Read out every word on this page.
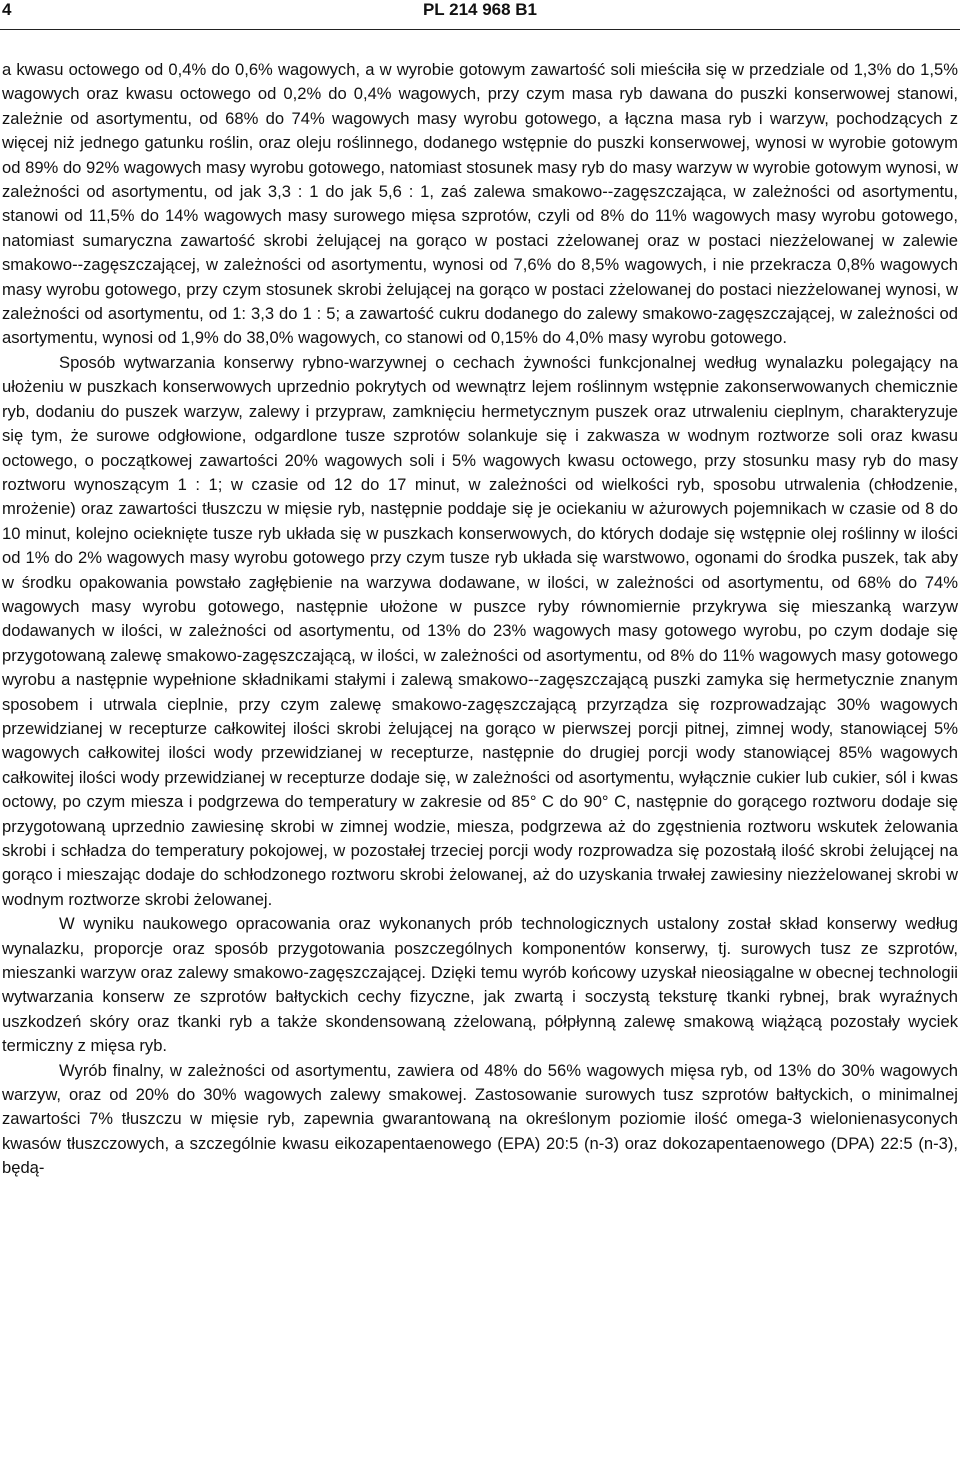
4	PL 214 968 B1

a kwasu octowego od 0,4% do 0,6% wagowych, a w wyrobie gotowym zawartość soli mieściła się w przedziale od 1,3% do 1,5% wagowych oraz kwasu octowego od 0,2% do 0,4% wagowych, przy czym masa ryb dawana do puszki konserwowej stanowi, zależnie od asortymentu, od 68% do 74% wagowych masy wyrobu gotowego, a łączna masa ryb i warzyw, pochodzących z więcej niż jednego gatunku roślin, oraz oleju roślinnego, dodanego wstępnie do puszki konserwowej, wynosi w wyrobie gotowym od 89% do 92% wagowych masy wyrobu gotowego, natomiast stosunek masy ryb do masy warzyw w wyrobie gotowym wynosi, w zależności od asortymentu, od jak 3,3 : 1 do jak 5,6 : 1, zaś zalewa smakowo--zagęszczająca, w zależności od asortymentu, stanowi od 11,5% do 14% wagowych masy surowego mięsa szprotów, czyli od 8% do 11% wagowych masy wyrobu gotowego, natomiast sumaryczna zawartość skrobi żelującej na gorąco w postaci zżelowanej oraz w postaci niezżelowanej w zalewie smakowo--zagęszczającej, w zależności od asortymentu, wynosi od 7,6% do 8,5% wagowych, i nie przekracza 0,8% wagowych masy wyrobu gotowego, przy czym stosunek skrobi żelującej na gorąco w postaci zżelowanej do postaci niezżelowanej wynosi, w zależności od asortymentu, od 1: 3,3 do 1 : 5; a zawartość cukru dodanego do zalewy smakowo-zagęszczającej, w zależności od asortymentu, wynosi od 1,9% do 38,0% wagowych, co stanowi od 0,15% do 4,0% masy wyrobu gotowego.

Sposób wytwarzania konserwy rybno-warzywnej o cechach żywności funkcjonalnej według wynalazku polegający na ułożeniu w puszkach konserwowych uprzednio pokrytych od wewnątrz lejem roślinnym wstępnie zakonserwowanych chemicznie ryb, dodaniu do puszek warzyw, zalewy i przyprаw, zamknięciu hermetycznym puszek oraz utrwaleniu cieplnym, charakteryzuje się tym, że surowe odgłowione, odgardlone tusze szprotów solankuje się i zakwasza w wodnym roztworze soli oraz kwasu octowego, o początkowej zawartości 20% wagowych soli i 5% wagowych kwasu octowego, przy stosunku masy ryb do masy roztworu wynoszącym 1 : 1; w czasie od 12 do 17 minut, w zależności od wielkości ryb, sposobu utrwalenia (chłodzenie, mrożenie) oraz zawartości tłuszczu w mięsie ryb, następnie poddaje się je ociekaniu w ażurowych pojemnikach w czasie od 8 do 10 minut, kolejno ociekniętе tusze ryb układa się w puszkach konserwowych, do których dodaje się wstępnie olej roślinny w ilości od 1% do 2% wagowych masy wyrobu gotowego przy czym tusze ryb układa się warstwowo, ogonami do środka puszek, tak aby w środku opakowania powstało zagłębienie na warzywa dodawane, w ilości, w zależności od asortymentu, od 68% do 74% wagowych masy wyrobu gotowego, następnie ułożone w puszce ryby równomiernie przykrywa się mieszanką warzyw dodawanych w ilości, w zależności od asortymentu, od 13% do 23% wagowych masy gotowego wyrobu, po czym dodaje się przygotowaną zalewę smakowo-zagęszczającą, w ilości, w zależności od asortymentu, od 8% do 11% wagowych masy gotowego wyrobu a następnie wypełnione składnikami stałymi i zalewą smakowo--zagęszczającą puszki zamyka się hermetycznie znanym sposobem i utrwala cieplnie, przy czym zalewę smakowo-zagęszczającą przyrządza się rozprowadzając 30% wagowych przewidzianej w recepturze całkowitej ilości skrobi żelującej na gorąco w pierwszej porcji pitnej, zimnej wody, stanowiącej 5% wagowych całkowitej ilości wody przewidzianej w recepturze, następnie do drugiej porcji wody stanowiącej 85% wagowych całkowitej ilości wody przewidzianej w recepturze dodaje się, w zależności od asortymentu, wyłącznie cukier lub cukier, sól i kwas octowy, po czym miesza i podgrzewa do temperatury w zakresie od 85° C do 90° C, następnie do gorącego roztworu dodaje się przygotowaną uprzednio zawiesinę skrobi w zimnej wodzie, miesza, podgrzewa aż do zgęstnienia roztworu wskutek żelowania skrobi i schładza do temperatury pokojowej, w pozostałej trzeciej porcji wody rozprowadza się pozostałą ilość skrobi żelującej na gorąco i mieszając dodaje do schłodzonego roztworu skrobi żelowanej, aż do uzyskania trwałej zawiesiny niezżelowanej skrobi w wodnym roztworze skrobi żelowanej.

W wyniku naukowego opracowania oraz wykonanych prób technologicznych ustalony został skład konserwy według wynalazku, proporcje oraz sposób przygotowania poszczególnych komponentów konserwy, tj. surowych tusz ze szprotów, mieszanki warzyw oraz zalewy smakowo-zagęszczającej. Dzięki temu wyrób końcowy uzyskał nieosiągalne w obecnej technologii wytwarzania konserw ze szprotów bałtyckich cechy fizyczne, jak zwartą i soczystą teksturę tkanki rybnej, brak wyraźnych uszkodzeń skóry oraz tkanki ryb a także skondensowaną zżelowaną, półpłynną zalewę smakową wiążącą pozostały wyciek termiczny z mięsa ryb.

Wyrób finalny, w zależności od asortymentu, zawiera od 48% do 56% wagowych mięsa ryb, od 13% do 30% wagowych warzyw, oraz od 20% do 30% wagowych zalewy smakowej. Zastosowanie surowych tusz szprotów bałtyckich, o minimalnej zawartości 7% tłuszczu w mięsie ryb, zapewnia gwarantowaną na określonym poziomie ilość omega-3 wielonienasyconych kwasów tłuszczowych, a szczególnie kwasu eikozapentaenowego (EPA) 20:5 (n-3) oraz dokozapentaenowego (DPA) 22:5 (n-3), będą-
